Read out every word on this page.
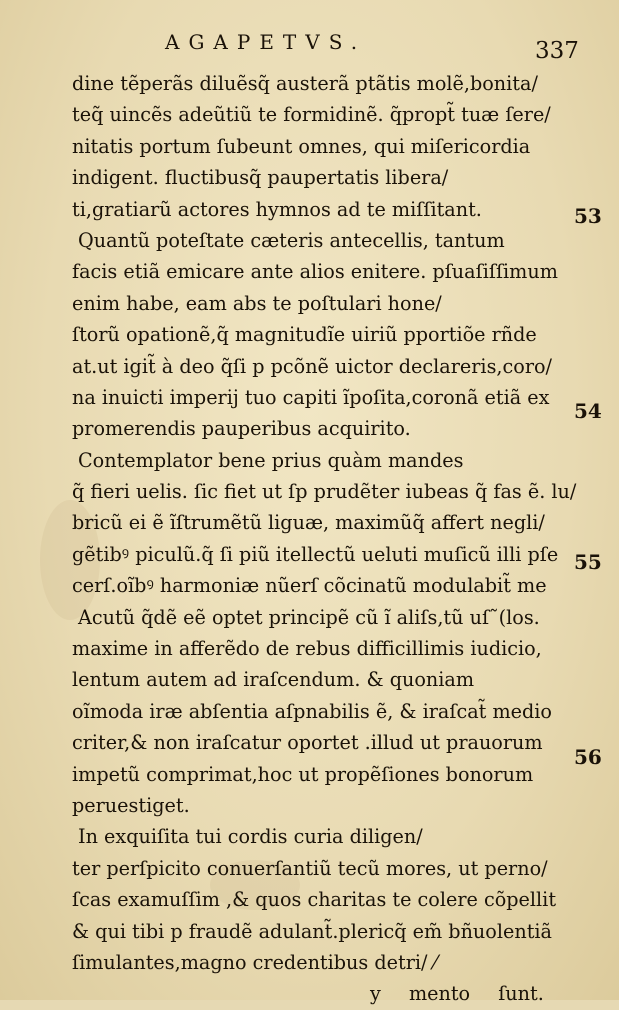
AGAPETVS.	337
dine tẽperãs diluẽsq̃ austerã ptãtis molẽ,bonita/
teq̃ uincẽs adeũtiũ te formidinẽ. q̃propt̃ tuæ ſere/
nitatis portum ſubeunt omnes, qui miſericordia
indigent. fluctibusq̃ paupertatis libera/
ti,gratiarũ actores hymnos ad te miſſitant.
Quantũ poteſtate cæteris antecellis, tantum
facis etiã emicare ante alios enitere. pſuaſiſſimum
enim habe, eam abs te poſtulari hone/
ſtorũ opationẽ,q̃ magnitudĩe uiriũ pportiõe rñde
at.ut igit̃ à deo q̃ſi p pcõnẽ uictor declareris,coro/
na inuicti imperij tuo capiti ĩpoſita,coronã etiã ex
promerendis pauperibus acquirito.
Contemplator bene prius quàm mandes
q̃ fieri uelis. ſic fiet ut ſp prudẽter iubeas q̃ fas ẽ. lu/
bricũ ei ẽ ĩſtrumẽtũ liguæ, maximũq̃ affert negli/
gẽtibꝰ piculũ.q̃ ſi piũ itellectũ ueluti muſicũ illi pſe
cerſ.oĩbꝰ harmoniæ nũerſ cõcinatũ modulabit̃ me
Acutũ q̃dẽ eẽ optet principẽ cũ ĩ aliſs,tũ uſ˜(los.
maxime in afferẽdo de rebus difficillimis iudicio,
lentum autem ad iraſcendum. & quoniam
oĩmoda iræ abſentia aſpnabilis ẽ, & iraſcat̃ medio
criter,& non iraſcatur oportet .illud ut prauorum
impetũ comprimat,hoc ut propẽſiones bonorum
peruestiget.
In exquiſita tui cordis curia diligen/
ter perſpicito conuerſantiũ tecũ mores, ut perno/
ſcas examuſſim ,& quos charitas te colere cõpellit
& qui tibi p fraudẽ adulant̃.plericq̃ em̃ bñuolentiã
ſimulantes,magno credentibus detri/ ⁄
y mento ſunt.
53
54
55
56
